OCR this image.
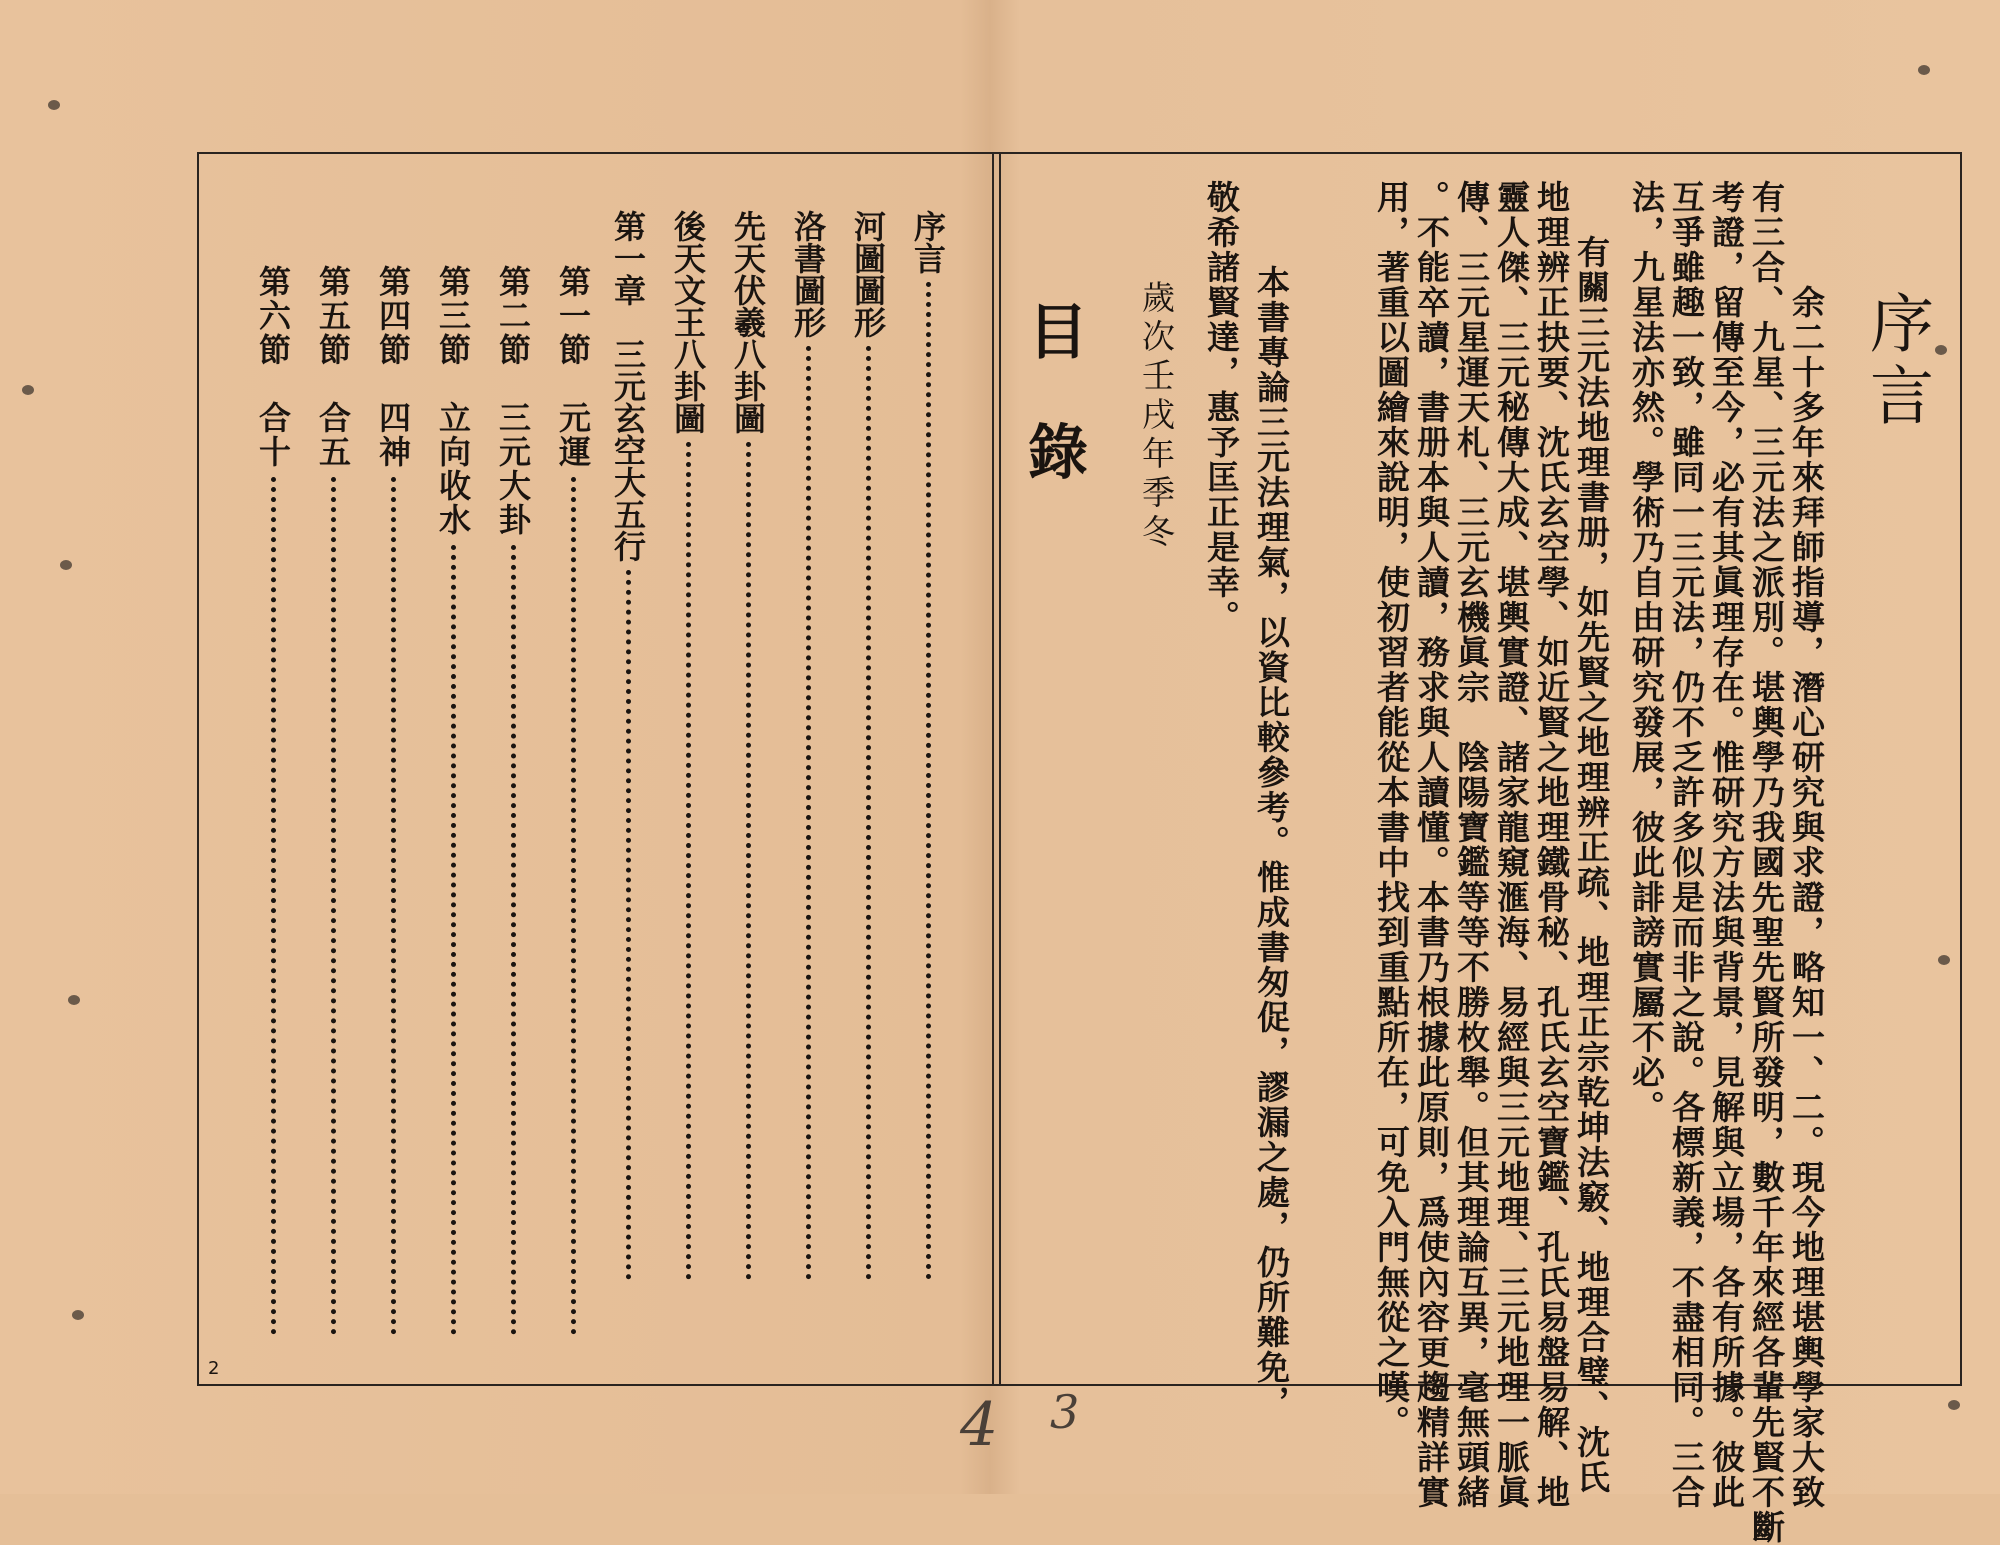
目 錄
序言
河圖圖形
洛書圖形
先天伏羲八卦圖
後天文王八卦圖
第一章　三元玄空大五行
第一節　元運
第二節　三元大卦
第三節　立向收水
第四節　四神
第五節　合五
第六節　合十
2
序言
余二十多年來拜師指導，潛心研究與求證，略知一、二。現今地理堪輿學家大致
有三合、九星、三元法之派別。堪輿學乃我國先聖先賢所發明，數千年來經各輩先賢不斷
考證，留傳至今，必有其眞理存在。惟研究方法與背景，見解與立場，各有所據。彼此
互爭雖趣一致，雖同一三元法，仍不乏許多似是而非之說。各標新義，不盡相同。三合
法，九星法亦然。學術乃自由研究發展，彼此誹謗實屬不必。
有關三元法地理書册，如先賢之地理辨正疏、地理正宗乾坤法竅、地理合璧、沈氏
地理辨正抉要、沈氏玄空學、如近賢之地理鐵骨秘、孔氏玄空寶鑑、孔氏易盤易解、地
靈人傑、三元秘傳大成、堪輿實證、諸家龍窺滙海、易經與三元地理、三元地理一脈眞
傳、三元星運天札、三元玄機眞宗　陰陽寶鑑等等不勝枚舉。但其理論互異，毫無頭緒
。不能卒讀，書册本與人讀，務求與人讀懂。本書乃根據此原則，爲使內容更趨精詳實
用，著重以圖繪來說明，使初習者能從本書中找到重點所在，可免入門無從之嘆。
本書專論三元法理氣，以資比較參考。惟成書匆促，謬漏之處，仍所難免，
敬希諸賢達，惠予匡正是幸。
歲次壬戌年季冬
4 3
